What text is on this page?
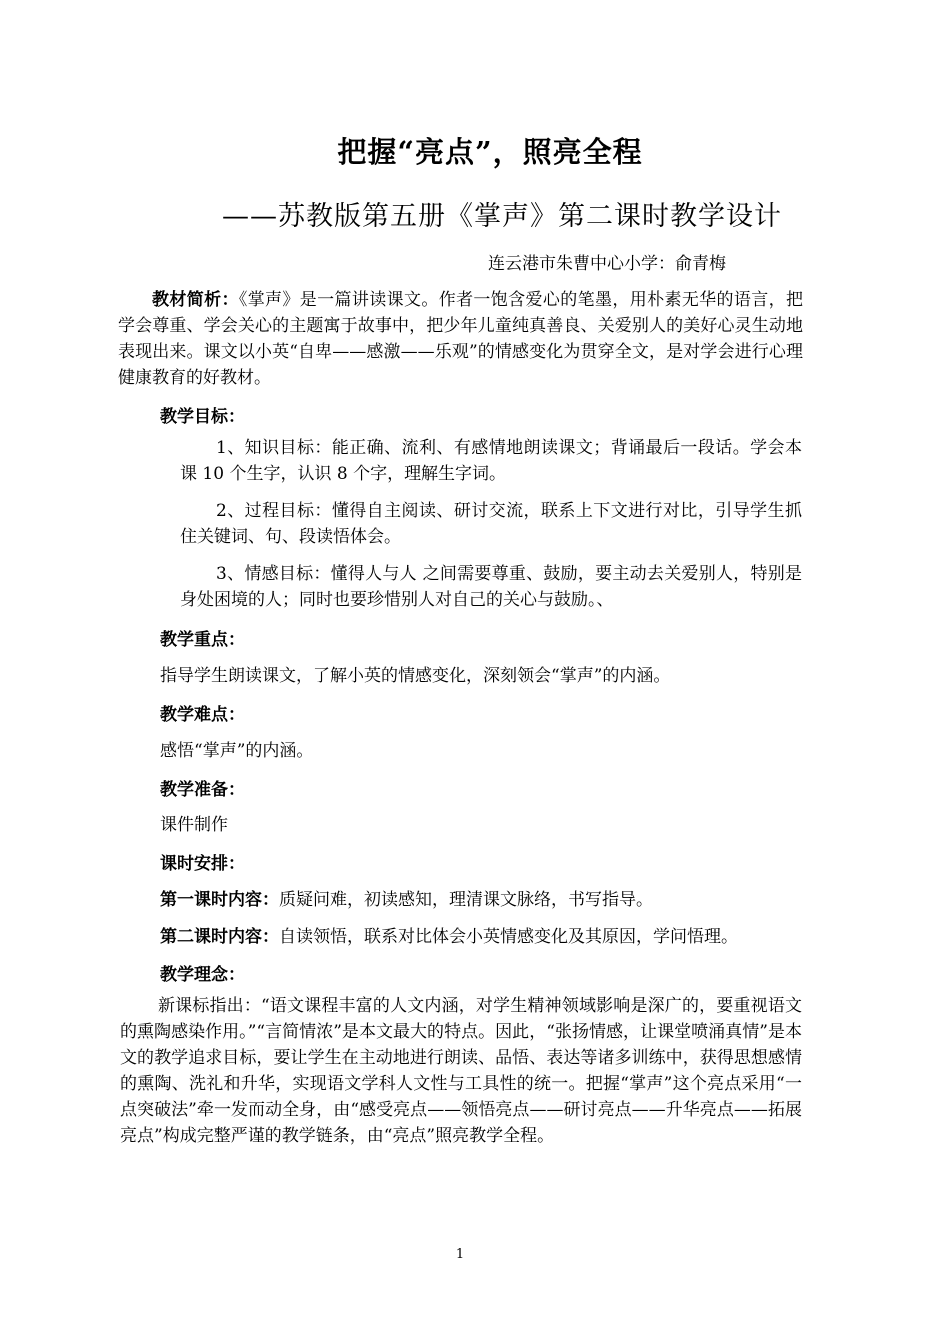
把握“亮点”，照亮全程
——苏教版第五册《掌声》第二课时教学设计
连云港市朱曹中心小学：俞青梅
教材简析：《掌声》是一篇讲读课文。作者一饱含爱心的笔墨，用朴素无华的语言，把学会尊重、学会关心的主题寓于故事中，把少年儿童纯真善良、关爱别人的美好心灵生动地表现出来。课文以小英“自卑——感激——乐观”的情感变化为贯穿全文，是对学会进行心理健康教育的好教材。
教学目标：
1、知识目标：能正确、流利、有感情地朗读课文；背诵最后一段话。学会本课 10 个生字，认识 8 个字，理解生字词。
2、过程目标：懂得自主阅读、研讨交流，联系上下文进行对比，引导学生抓住关键词、句、段读悟体会。
3、情感目标：懂得人与人 之间需要尊重、鼓励，要主动去关爱别人，特别是身处困境的人；同时也要珍惜别人对自己的关心与鼓励。、
教学重点：
指导学生朗读课文，了解小英的情感变化，深刻领会“掌声”的内涵。
教学难点：
感悟“掌声”的内涵。
教学准备：
课件制作
课时安排：
第一课时内容：质疑问难，初读感知，理清课文脉络，书写指导。
第二课时内容：自读领悟，联系对比体会小英情感变化及其原因，学问悟理。
教学理念：
新课标指出：“语文课程丰富的人文内涵，对学生精神领域影响是深广的，要重视语文的熏陶感染作用。”“言简情浓”是本文最大的特点。因此，“张扬情感，让课堂喷涌真情”是本文的教学追求目标，要让学生在主动地进行朗读、品悟、表达等诸多训练中，获得思想感情的熏陶、洗礼和升华，实现语文学科人文性与工具性的统一。把握“掌声”这个亮点采用“一点突破法”牵一发而动全身，由“感受亮点——领悟亮点——研讨亮点——升华亮点——拓展亮点”构成完整严谨的教学链条，由“亮点”照亮教学全程。
1
